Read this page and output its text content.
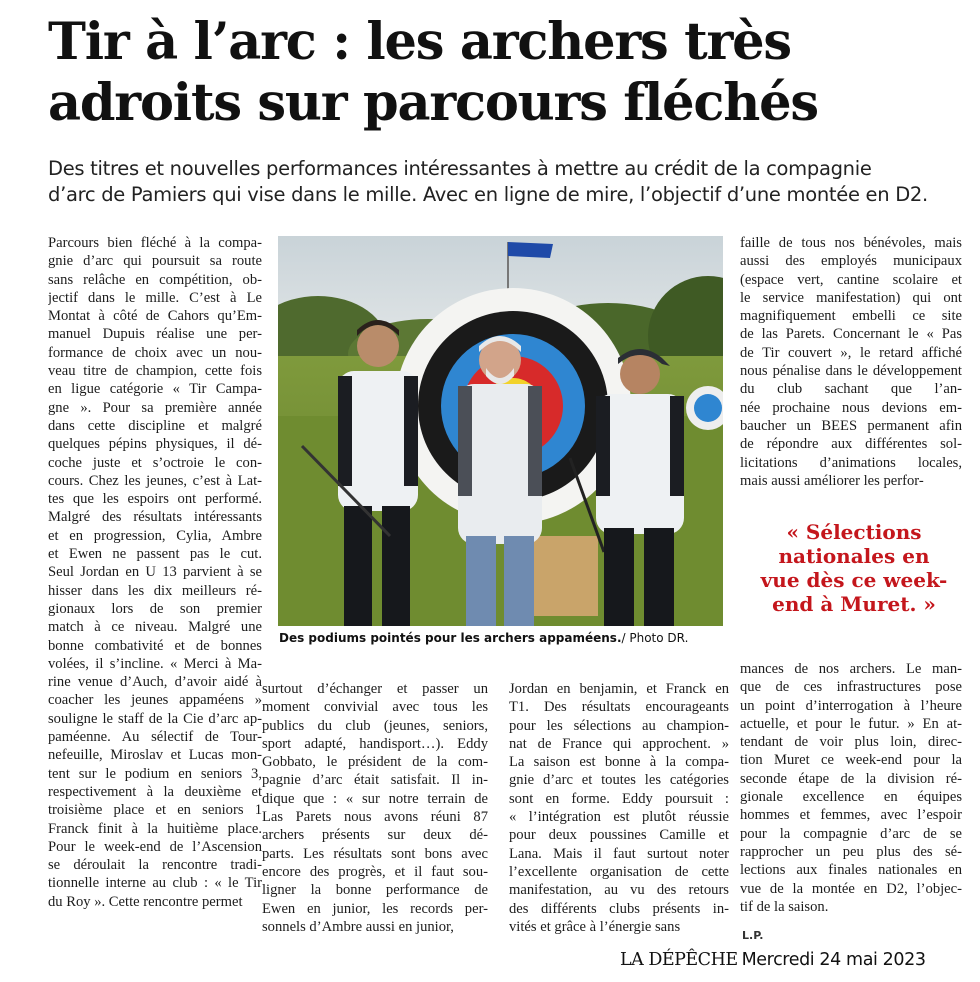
Tir à l’arc : les archers très
adroits sur parcours fléchés

Des titres et nouvelles performances intéressantes à mettre au crédit de la compagnie
d’arc de Pamiers qui vise dans le mille. Avec en ligne de mire, l’objectif d’une montée en D2.

Parcours bien fléché à la compa-
gnie d’arc qui poursuit sa route
sans relâche en compétition, ob-
jectif dans le mille. C’est à Le
Montat à côté de Cahors qu’Em-
manuel Dupuis réalise une per-
formance de choix avec un nou-
veau titre de champion, cette fois
en ligue catégorie « Tir Campa-
gne ». Pour sa première année
dans cette discipline et malgré
quelques pépins physiques, il dé-
coche juste et s’octroie le con-
cours. Chez les jeunes, c’est à Lat-
tes que les espoirs ont performé.
Malgré des résultats intéressants
et en progression, Cylia, Ambre
et Ewen ne passent pas le cut.
Seul Jordan en U 13 parvient à se
hisser dans les dix meilleurs ré-
gionaux lors de son premier
match à ce niveau. Malgré une
bonne combativité et de bonnes
volées, il s’incline. « Merci à Ma-
rine venue d’Auch, d’avoir aidé à
coacher les jeunes appaméens »
souligne le staff de la Cie d’arc ap-
paméenne. Au sélectif de Tour-
nefeuille, Miroslav et Lucas mon-
tent sur le podium en seniors 3,
respectivement à la deuxième et
troisième place et en seniors 1
Franck finit à la huitième place.
Pour le week-end de l’Ascension
se déroulait la rencontre tradi-
tionnelle interne au club : « le Tir
du Roy ». Cette rencontre permet
faille de tous nos bénévoles, mais
aussi des employés municipaux
(espace vert, cantine scolaire et
le service manifestation) qui ont
magnifiquement embelli ce site
de las Parets. Concernant le « Pas
de Tir couvert », le retard affiché
nous pénalise dans le développement
du club sachant que l’an-
née prochaine nous devions em-
baucher un BEES permanent afin
de répondre aux différentes sol-
licitations d’animations locales,
mais aussi améliorer les perfor-
Des podiums pointés pour les archers appaméens./ Photo DR.

« Sélections
nationales en
vue dès ce week-
end à Muret. »

surtout d’échanger et passer un
moment convivial avec tous les
publics du club (jeunes, seniors,
sport adapté, handisport…). Eddy
Gobbato, le président de la com-
pagnie d’arc était satisfait. Il in-
dique que : « sur notre terrain de
Las Parets nous avons réuni 87
archers présents sur deux dé-
parts. Les résultats sont bons avec
encore des progrès, et il faut sou-
ligner la bonne performance de
Ewen en junior, les records per-
sonnels d’Ambre aussi en junior,
Jordan en benjamin, et Franck en
T1. Des résultats encourageants
pour les sélections au champion-
nat de France qui approchent. »
La saison est bonne à la compa-
gnie d’arc et toutes les catégories
sont en forme. Eddy poursuit :
« l’intégration est plutôt réussie
pour deux poussines Camille et
Lana. Mais il faut surtout noter
l’excellente organisation de cette
manifestation, au vu des retours
des différents clubs présents in-
vités et grâce à l’énergie sans
mances de nos archers. Le man-
que de ces infrastructures pose
un point d’interrogation à l’heure
actuelle, et pour le futur. » En at-
tendant de voir plus loin, direc-
tion Muret ce week-end pour la
seconde étape de la division ré-
gionale excellence en équipes
hommes et femmes, avec l’espoir
pour la compagnie d’arc de se
rapprocher un peu plus des sé-
lections aux finales nationales en
vue de la montée en D2, l’objec-
tif de la saison.
L.P.
LA DÉPÊCHE Mercredi 24 mai 2023
